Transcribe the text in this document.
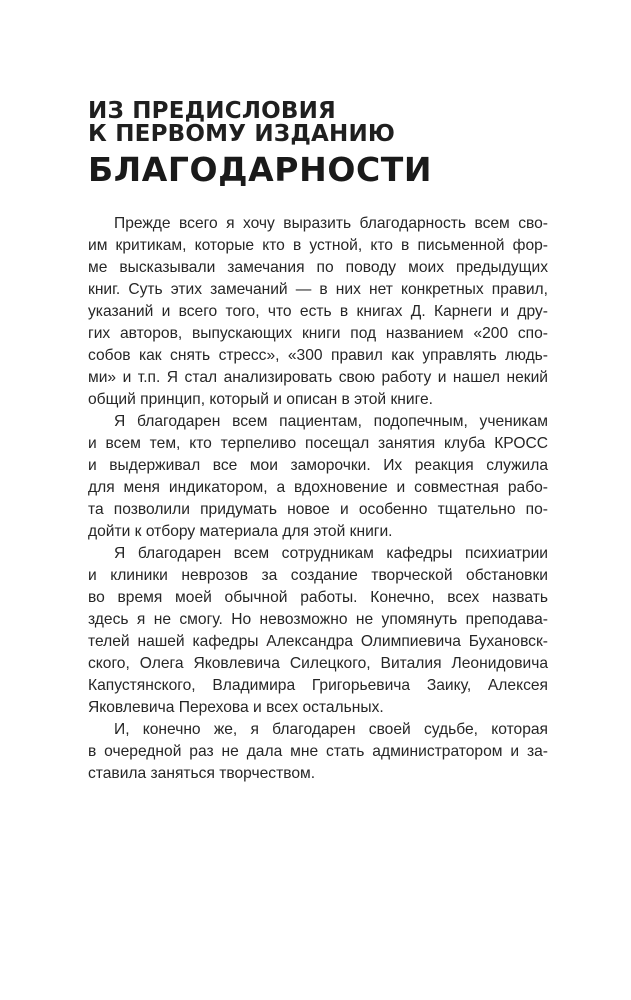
ИЗ ПРЕДИСЛОВИЯ
К ПЕРВОМУ ИЗДАНИЮ
БЛАГОДАРНОСТИ
Прежде всего я хочу выразить благодарность всем сво-
им критикам, которые кто в устной, кто в письменной фор-
ме высказывали замечания по поводу моих предыдущих
книг. Суть этих замечаний — в них нет конкретных правил,
указаний и всего того, что есть в книгах Д. Карнеги и дру-
гих авторов, выпускающих книги под названием «200 спо-
собов как снять стресс», «300 правил как управлять людь-
ми» и т.п. Я стал анализировать свою работу и нашел некий
общий принцип, который и описан в этой книге.
Я благодарен всем пациентам, подопечным, ученикам
и всем тем, кто терпеливо посещал занятия клуба КРОСС
и выдерживал все мои заморочки. Их реакция служила
для меня индикатором, а вдохновение и совместная рабо-
та позволили придумать новое и особенно тщательно по-
дойти к отбору материала для этой книги.
Я благодарен всем сотрудникам кафедры психиатрии
и клиники неврозов за создание творческой обстановки
во время моей обычной работы. Конечно, всех назвать
здесь я не смогу. Но невозможно не упомянуть преподава-
телей нашей кафедры Александра Олимпиевича Бухановск-
ского, Олега Яковлевича Силецкого, Виталия Леонидовича
Капустянского, Владимира Григорьевича Заику, Алексея
Яковлевича Перехова и всех остальных.
И, конечно же, я благодарен своей судьбе, которая
в очередной раз не дала мне стать администратором и за-
ставила заняться творчеством.
